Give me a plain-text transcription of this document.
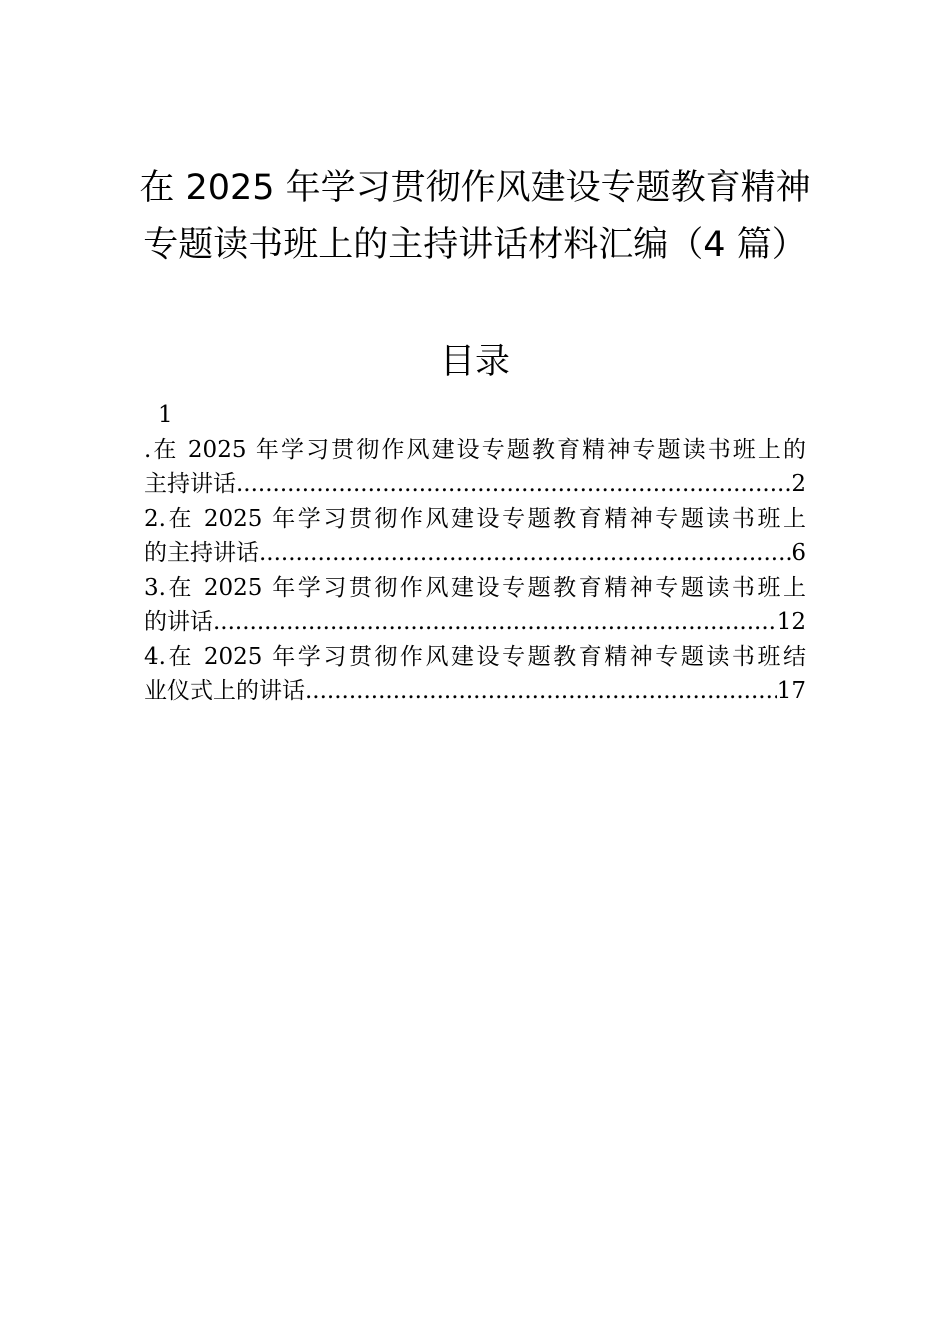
在 2025 年学习贯彻作风建设专题教育精神
专题读书班上的主持讲话材料汇编（4 篇）
目录
1
.在 2025 年学习贯彻作风建设专题教育精神专题读书班上的
主持讲话 .....	2
2.在 2025 年学习贯彻作风建设专题教育精神专题读书班上
的主持讲话 .....	6
3.在 2025 年学习贯彻作风建设专题教育精神专题读书班上
的讲话 .....	12
4.在 2025 年学习贯彻作风建设专题教育精神专题读书班结
业仪式上的讲话 .....	17
